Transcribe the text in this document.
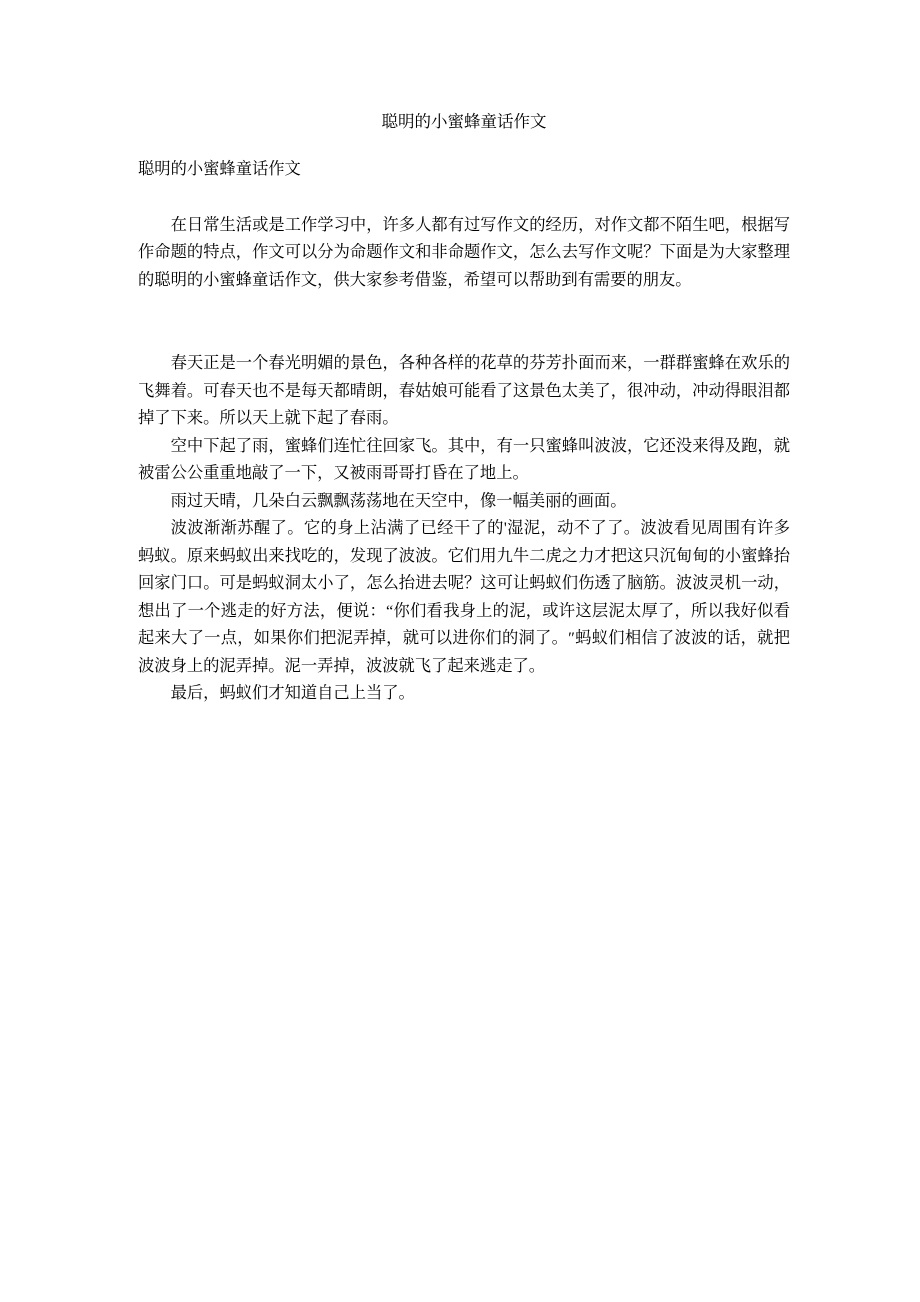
聪明的小蜜蜂童话作文

聪明的小蜜蜂童话作文

在日常生活或是工作学习中，许多人都有过写作文的经历，对作文都不陌生吧，根据写作命题的特点，作文可以分为命题作文和非命题作文，怎么去写作文呢？下面是为大家整理的聪明的小蜜蜂童话作文，供大家参考借鉴，希望可以帮助到有需要的朋友。

春天正是一个春光明媚的景色，各种各样的花草的芬芳扑面而来，一群群蜜蜂在欢乐的飞舞着。可春天也不是每天都晴朗，春姑娘可能看了这景色太美了，很冲动，冲动得眼泪都掉了下来。所以天上就下起了春雨。

空中下起了雨，蜜蜂们连忙往回家飞。其中，有一只蜜蜂叫波波，它还没来得及跑，就被雷公公重重地敲了一下，又被雨哥哥打昏在了地上。

雨过天晴，几朵白云飘飘荡荡地在天空中，像一幅美丽的画面。

波波渐渐苏醒了。它的身上沾满了已经干了的'湿泥，动不了了。波波看见周围有许多蚂蚁。原来蚂蚁出来找吃的，发现了波波。它们用九牛二虎之力才把这只沉甸甸的小蜜蜂抬回家门口。可是蚂蚁洞太小了，怎么抬进去呢？这可让蚂蚁们伤透了脑筋。波波灵机一动，想出了一个逃走的好方法，便说：“你们看我身上的泥，或许这层泥太厚了，所以我好似看起来大了一点，如果你们把泥弄掉，就可以进你们的洞了。″蚂蚁们相信了波波的话，就把波波身上的泥弄掉。泥一弄掉，波波就飞了起来逃走了。

最后，蚂蚁们才知道自己上当了。
